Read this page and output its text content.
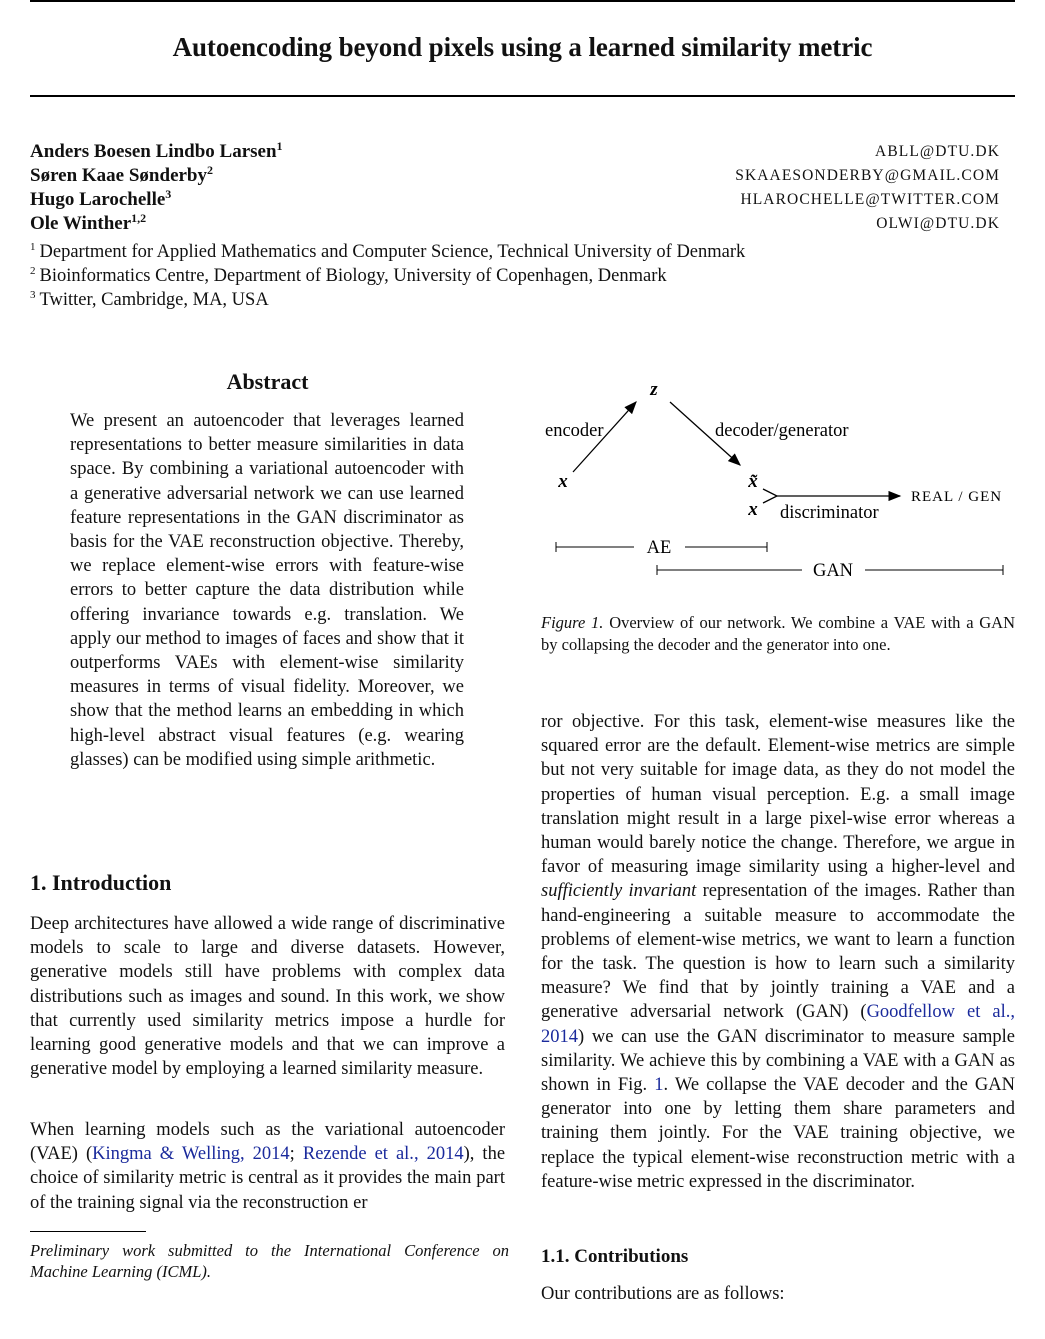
Autoencoding beyond pixels using a learned similarity metric
Anders Boesen Lindbo Larsen$^1$	ABLL@DTU.DK
Søren Kaae Sønderby$^2$	SKAAESONDERBY@GMAIL.COM
Hugo Larochelle$^3$	HLAROCHELLE@TWITTER.COM
Ole Winther$^{1,2}$	OLWI@DTU.DK
$^1$ Department for Applied Mathematics and Computer Science, Technical University of Denmark
$^2$ Bioinformatics Centre, Department of Biology, University of Copenhagen, Denmark
$^3$ Twitter, Cambridge, MA, USA
Abstract
We present an autoencoder that leverages learned representations to better measure similarities in data space. By combining a variational autoencoder with a generative adversarial network we can use learned feature representations in the GAN discriminator as basis for the VAE reconstruction objective. Thereby, we replace element-wise errors with feature-wise errors to better capture the data distribution while offering invariance towards e.g. translation. We apply our method to images of faces and show that it outperforms VAEs with element-wise similarity measures in terms of visual fidelity. Moreover, we show that the method learns an embedding in which high-level abstract visual features (e.g. wearing glasses) can be modified using simple arithmetic.
1. Introduction

Deep architectures have allowed a wide range of discriminative models to scale to large and diverse datasets. However, generative models still have problems with complex data distributions such as images and sound. In this work, we show that currently used similarity metrics impose a hurdle for learning good generative models and that we can improve a generative model by employing a learned similarity measure.

When learning models such as the variational autoencoder (VAE) (Kingma & Welling, 2014; Rezende et al., 2014), the choice of similarity metric is central as it provides the main part of the training signal via the reconstruction er

Preliminary work submitted to the International Conference on Machine Learning (ICML).
z
x	x̃
x
encoder	decoder/generator
discriminator
REAL / GEN
AE
GAN
Figure 1. Overview of our network. We combine a VAE with a GAN by collapsing the decoder and the generator into one.

ror objective. For this task, element-wise measures like the squared error are the default. Element-wise metrics are simple but not very suitable for image data, as they do not model the properties of human visual perception. E.g. a small image translation might result in a large pixel-wise error whereas a human would barely notice the change. Therefore, we argue in favor of measuring image similarity using a higher-level and sufficiently invariant representation of the images. Rather than hand-engineering a suitable measure to accommodate the problems of element-wise metrics, we want to learn a function for the task. The question is how to learn such a similarity measure? We find that by jointly training a VAE and a generative adversarial network (GAN) (Goodfellow et al., 2014) we can use the GAN discriminator to measure sample similarity. We achieve this by combining a VAE with a GAN as shown in Fig. 1. We collapse the VAE decoder and the GAN generator into one by letting them share parameters and training them jointly. For the VAE training objective, we replace the typical element-wise reconstruction metric with a feature-wise metric expressed in the discriminator.

1.1. Contributions
Our contributions are as follows:
